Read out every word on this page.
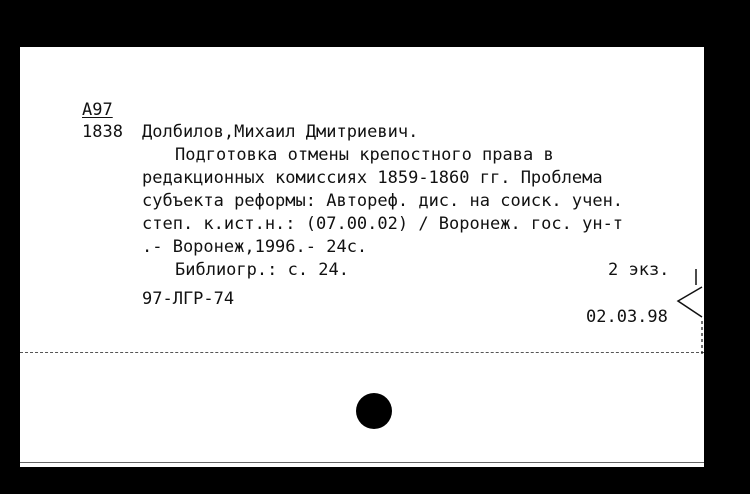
А97

1838 Долбилов,Михаил Дмитриевич.

Подготовка отмены крепостного права в

редакционных комиссиях 1859-1860 гг. Проблема

субъекта реформы: Автореф. дис. на соиск. учен.

степ. к.ист.н.: (07.00.02) / Воронеж. гос. ун-т

.- Воронеж,1996.- 24с.

Библиогр.: с. 24.	2 экз.

97-ЛГР-74

02.03.98
